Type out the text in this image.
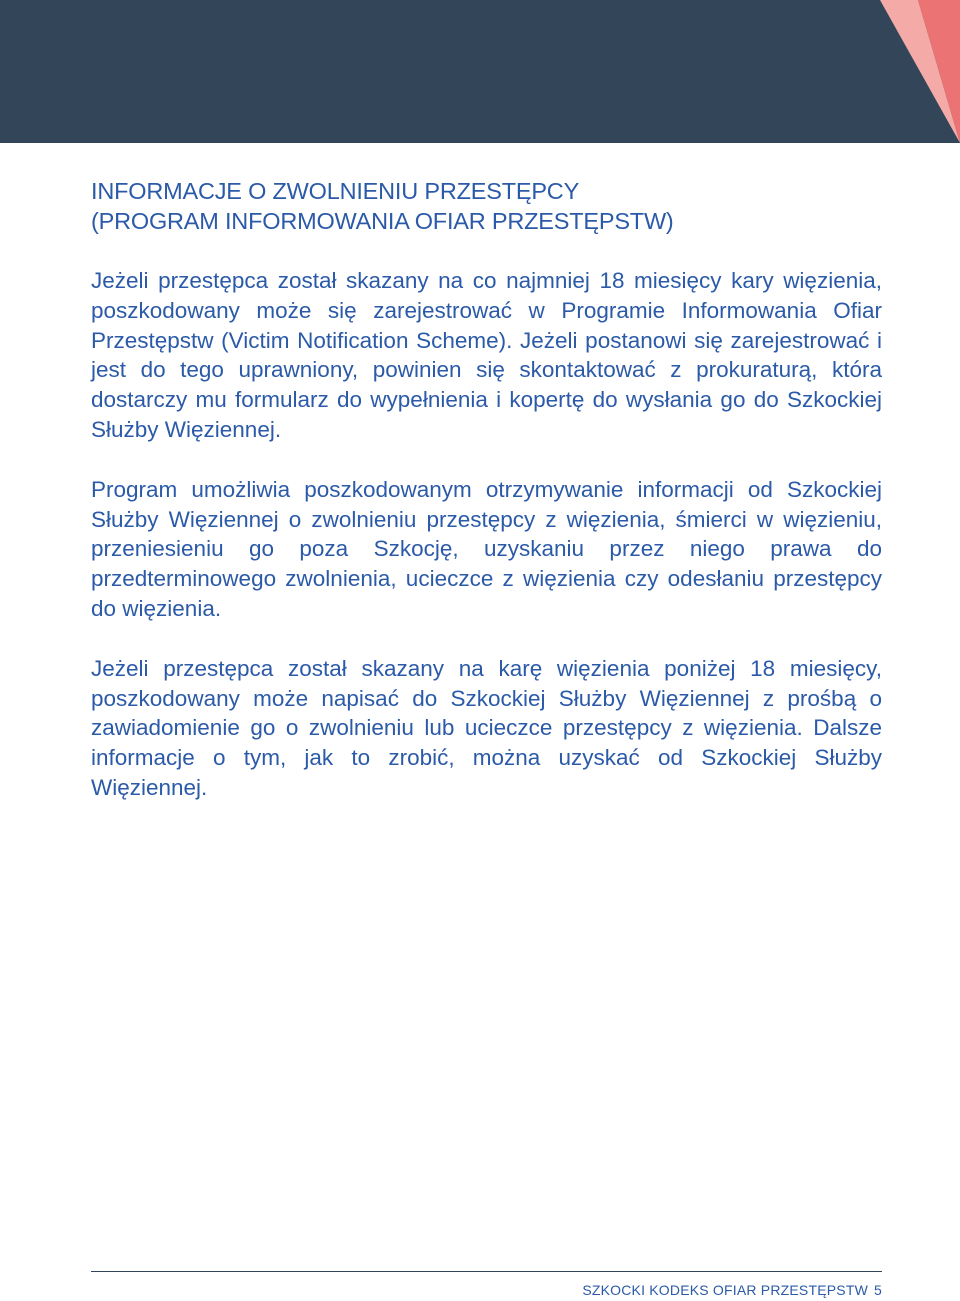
INFORMACJE O ZWOLNIENIU PRZESTĘPCY
(PROGRAM INFORMOWANIA OFIAR PRZESTĘPSTW)

Jeżeli przestępca został skazany na co najmniej 18 miesięcy kary więzienia, poszkodowany może się zarejestrować w Programie Informowania Ofiar Przestępstw (Victim Notification Scheme). Jeżeli postanowi się zarejestrować i jest do tego uprawniony, powinien się skontaktować z prokuraturą, która dostarczy mu formularz do wypełnienia i kopertę do wysłania go do Szkockiej Służby Więziennej.

Program umożliwia poszkodowanym otrzymywanie informacji od Szkockiej Służby Więziennej o zwolnieniu przestępcy z więzienia, śmierci w więzieniu, przeniesieniu go poza Szkocję, uzyskaniu przez niego prawa do przedterminowego zwolnienia, ucieczce z więzienia czy odesłaniu przestępcy do więzienia.

Jeżeli przestępca został skazany na karę więzienia poniżej 18 miesięcy, poszkodowany może napisać do Szkockiej Służby Więziennej z prośbą o zawiadomienie go o zwolnieniu lub ucieczce przestępcy z więzienia. Dalsze informacje o tym, jak to zrobić, można uzyskać od Szkockiej Służby Więziennej.

SZKOCKI KODEKS OFIAR PRZESTĘPSTW 5
